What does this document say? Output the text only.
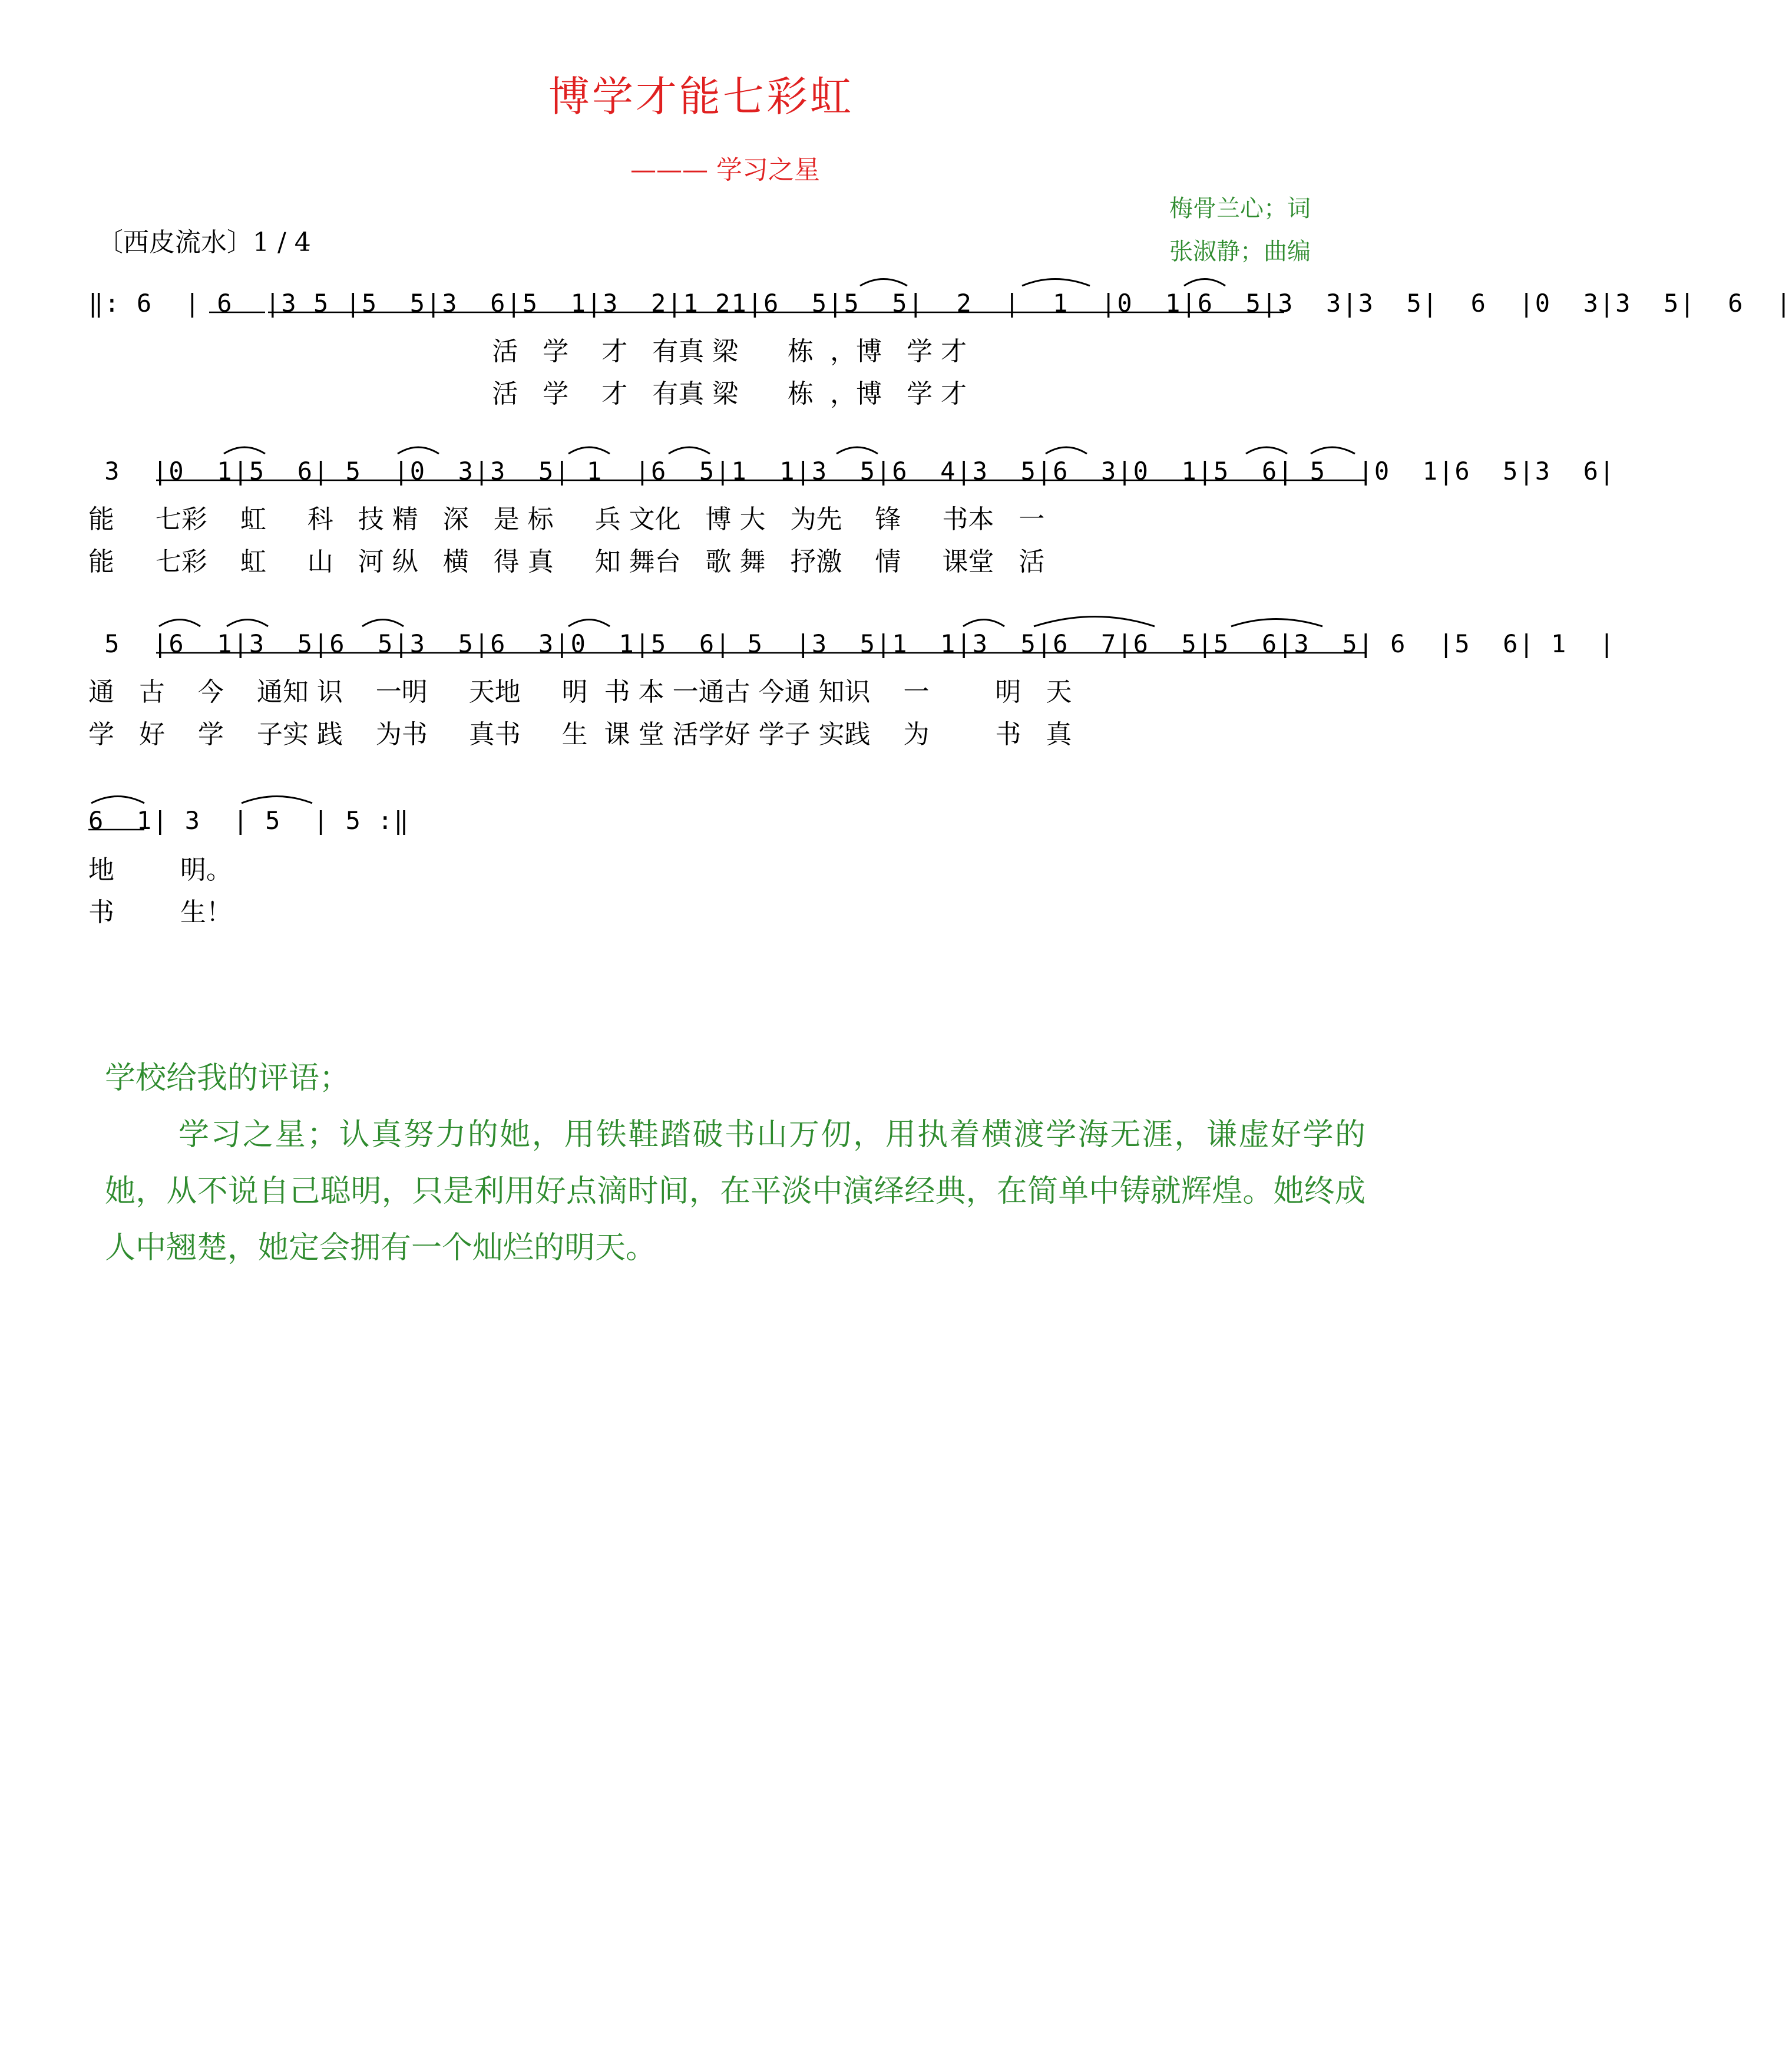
博学才能七彩虹
——— 学习之星
梅骨兰心；词
张淑静；曲编
〔西皮流水〕1 / 4
‖: 6  | 6  |3 5 |5  5|3  6|5  1|3  2|1 21|6  5|5  5|  2  |  1  |0  1|6  5|3  3|3  5|  6  |0  3|3  5|  6  |
活   学    才   有真 梁      栋  ，博   学 才
活   学    才   有真 梁      栋  ，博   学 才
3  |0  1|5  6| 5  |0  3|3  5| 1  |6  5|1  1|3  5|6  4|3  5|6  3|0  1|5  6| 5  |0  1|6  5|3  6|
能     七彩    虹     科   技 精   深   是 标     兵 文化   博 大   为先    锋     书本   一
能     七彩    虹     山   河 纵   横   得 真     知 舞台   歌 舞   抒激    情     课堂   活
5  |6  1|3  5|6  5|3  5|6  3|0  1|5  6| 5  |3  5|1  1|3  5|6  7|6  5|5  6|3  5| 6  |5  6| 1  |
通   古    今    通知 识    一明     天地     明  书 本 一通古 今通 知识    一        明   天
学   好    学    子实 践    为书     真书     生  课 堂 活学好 学子 实践    为        书   真
6  1| 3  | 5  | 5 :‖
地        明。
书        生！
学校给我的评语；
学习之星；认真努力的她，用铁鞋踏破书山万仞，用执着横渡学海无涯，谦虚好学的她，从不说自己聪明，只是利用好点滴时间，在平淡中演绎经典，在简单中铸就辉煌。她终成人中翘楚，她定会拥有一个灿烂的明天。
